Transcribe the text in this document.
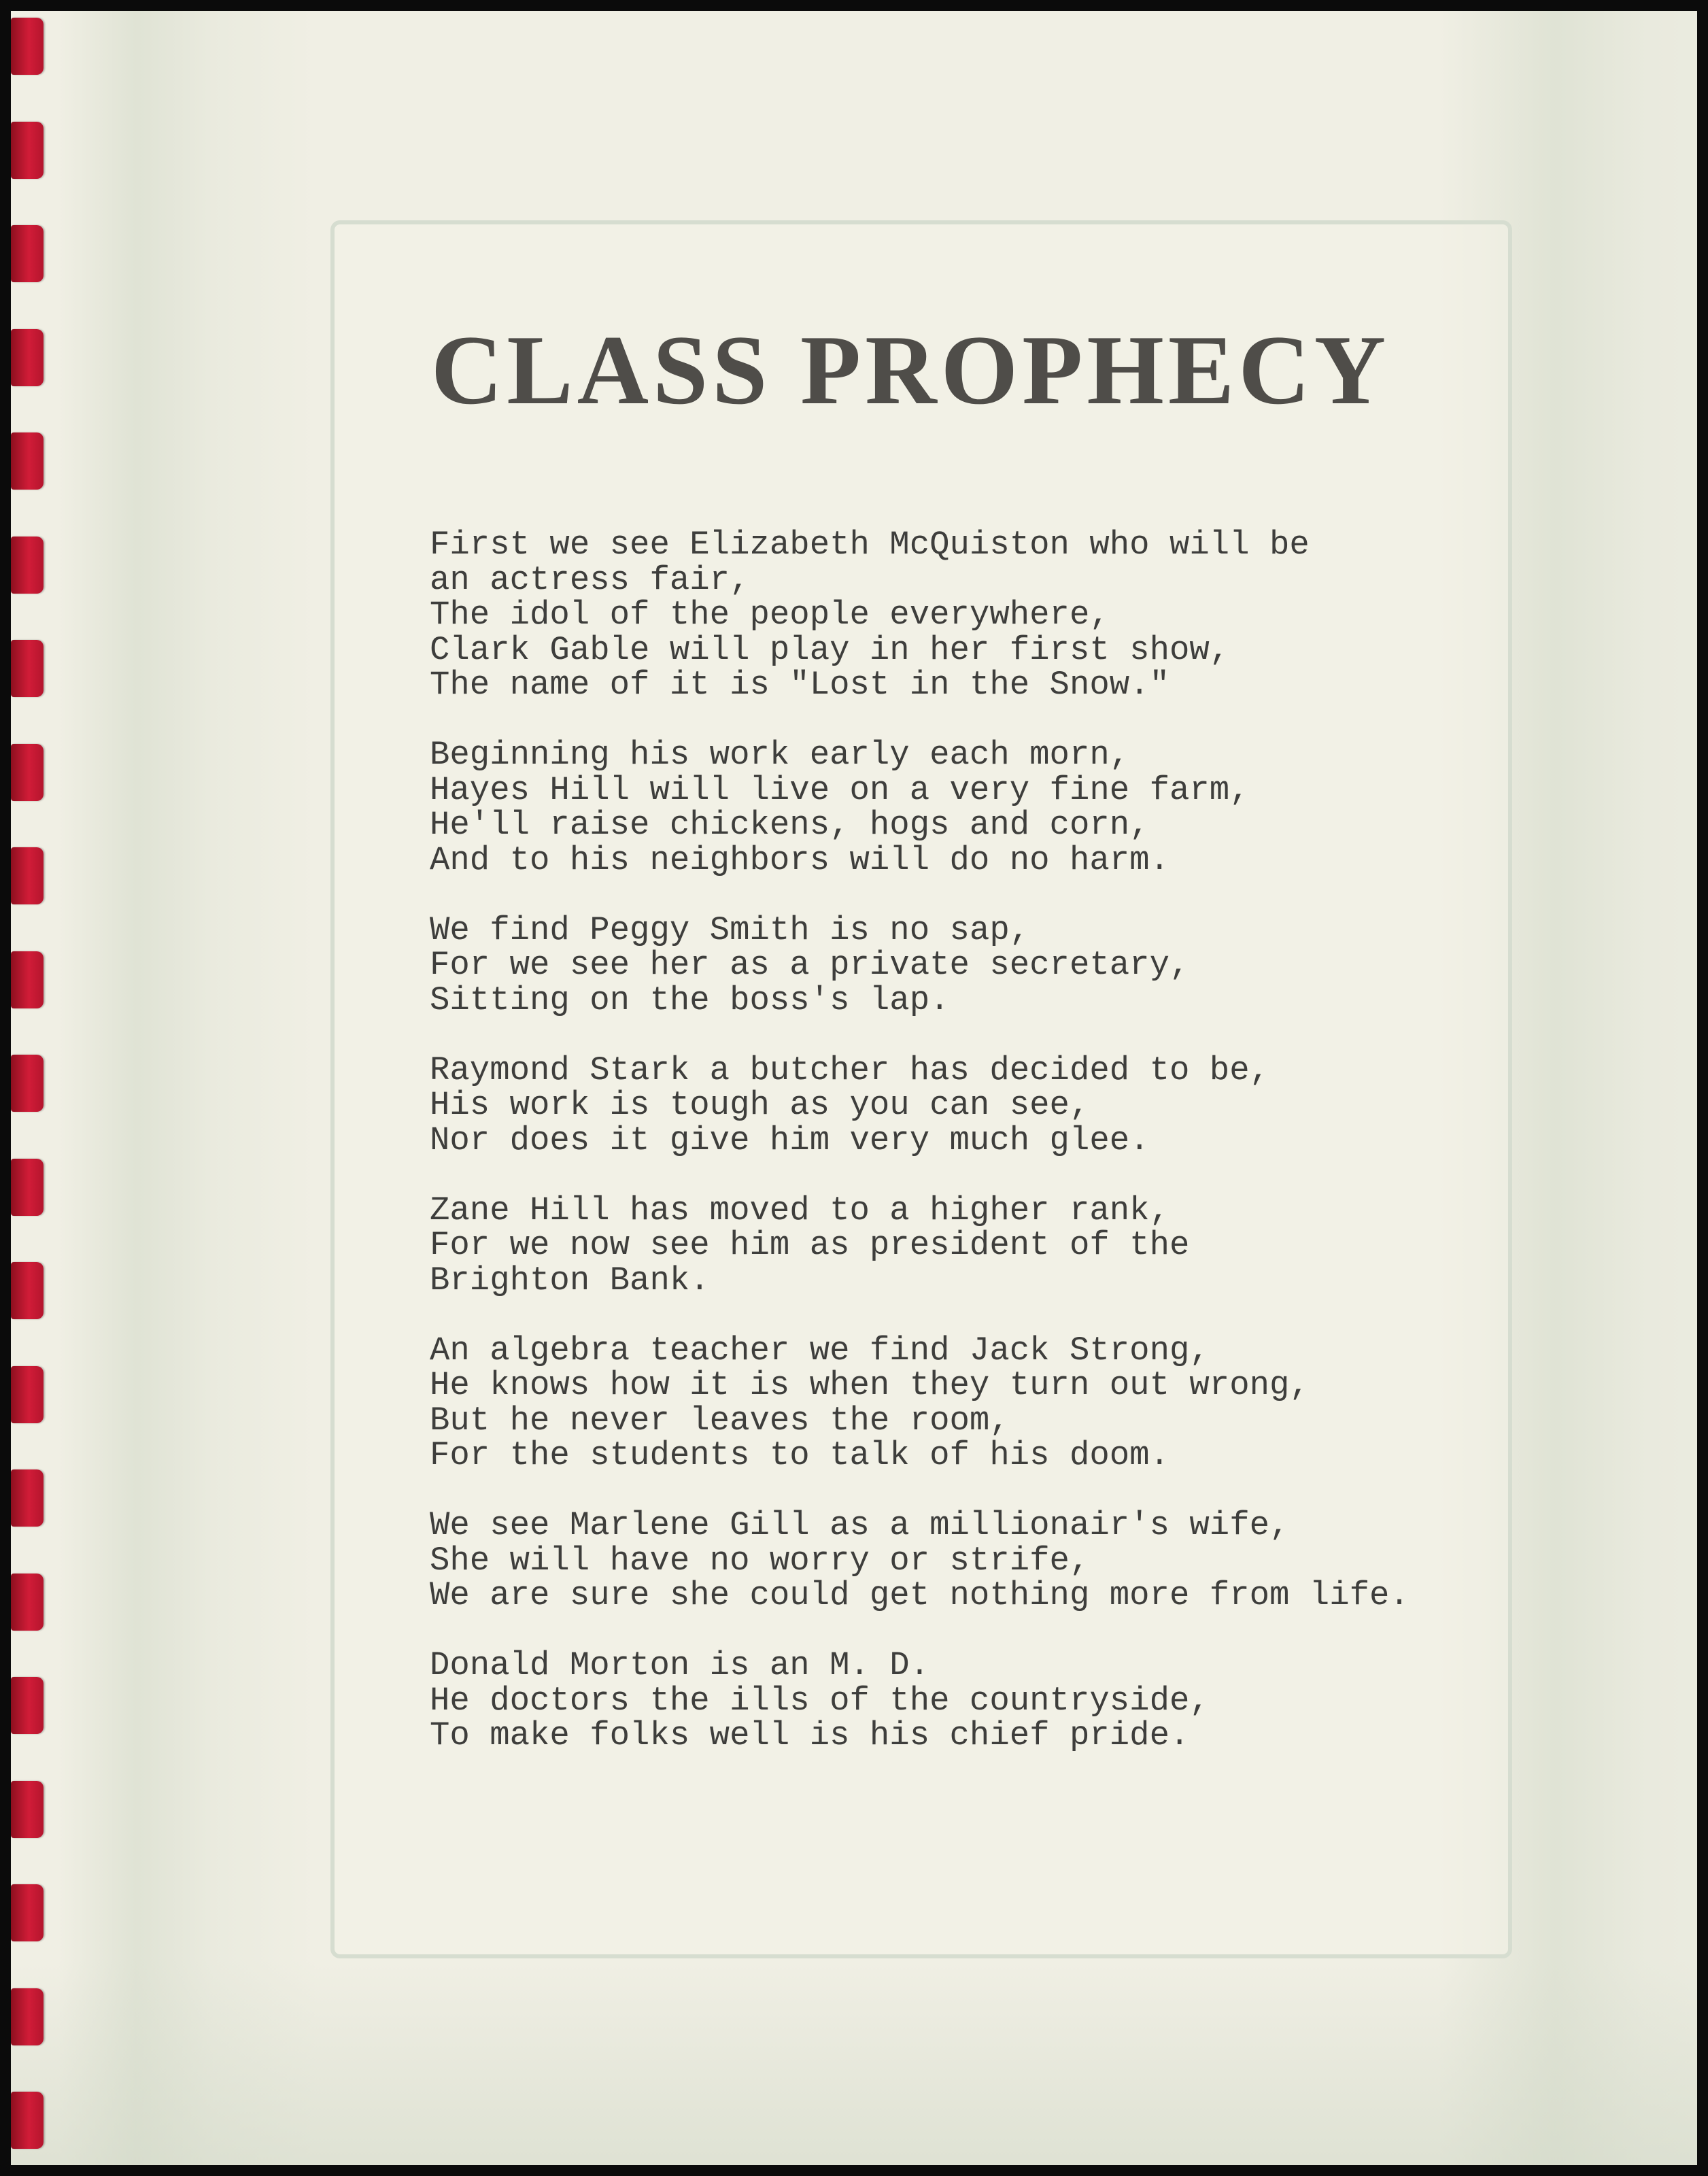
CLASS PROPHECY
First we see Elizabeth McQuiston who will be
an actress fair,
The idol of the people everywhere,
Clark Gable will play in her first show,
The name of it is "Lost in the Snow."
Beginning his work early each morn,
Hayes Hill will live on a very fine farm,
He'll raise chickens, hogs and corn,
And to his neighbors will do no harm.
We find Peggy Smith is no sap,
For we see her as a private secretary,
Sitting on the boss's lap.
Raymond Stark a butcher has decided to be,
His work is tough as you can see,
Nor does it give him very much glee.
Zane Hill has moved to a higher rank,
For we now see him as president of the
Brighton Bank.
An algebra teacher we find Jack Strong,
He knows how it is when they turn out wrong,
But he never leaves the room,
For the students to talk of his doom.
We see Marlene Gill as a millionair's wife,
She will have no worry or strife,
We are sure she could get nothing more from life.
Donald Morton is an M. D.
He doctors the ills of the countryside,
To make folks well is his chief pride.
